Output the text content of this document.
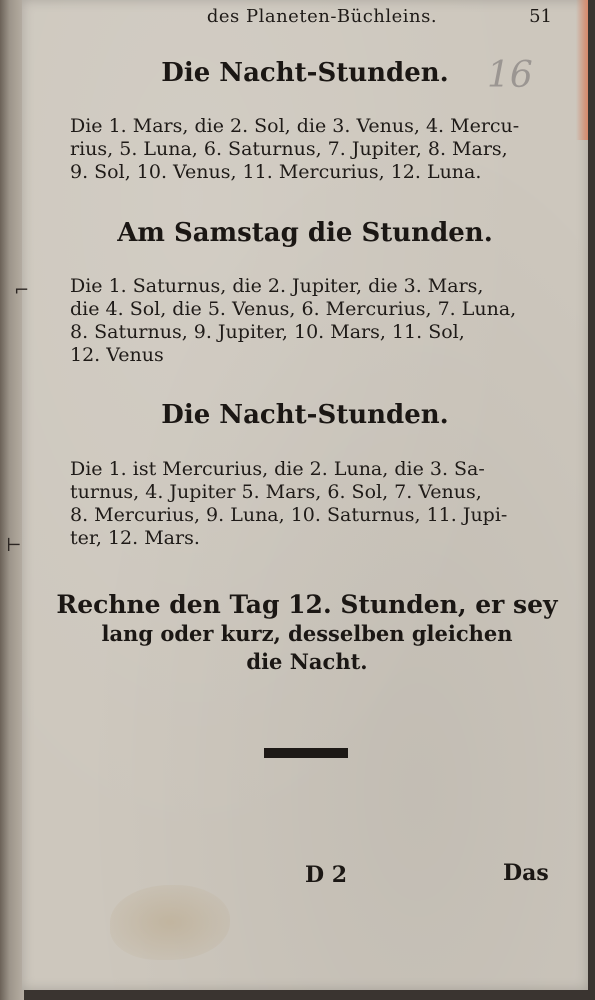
des Planeten-Büchleins.	51
16
Die Nacht-Stunden.
Die 1. Mars, die 2. Sol, die 3. Venus, 4. Mercu-
rius, 5. Luna, 6. Saturnus, 7. Jupiter, 8. Mars,
9. Sol, 10. Venus, 11. Mercurius, 12. Luna.
Am Samstag die Stunden.
Die 1. Saturnus, die 2. Jupiter, die 3. Mars,
die 4. Sol, die 5. Venus, 6. Mercurius, 7. Luna,
8. Saturnus, 9. Jupiter, 10. Mars, 11. Sol,
12. Venus
Die Nacht-Stunden.
Die 1. ist Mercurius, die 2. Luna, die 3. Sa-
turnus, 4. Jupiter 5. Mars, 6. Sol, 7. Venus,
8. Mercurius, 9. Luna, 10. Saturnus, 11. Jupi-
ter, 12. Mars.
Rechne den Tag 12. Stunden, er sey
lang oder kurz, desselben gleichen
die Nacht.
D 2	Das
⌐
⊢
